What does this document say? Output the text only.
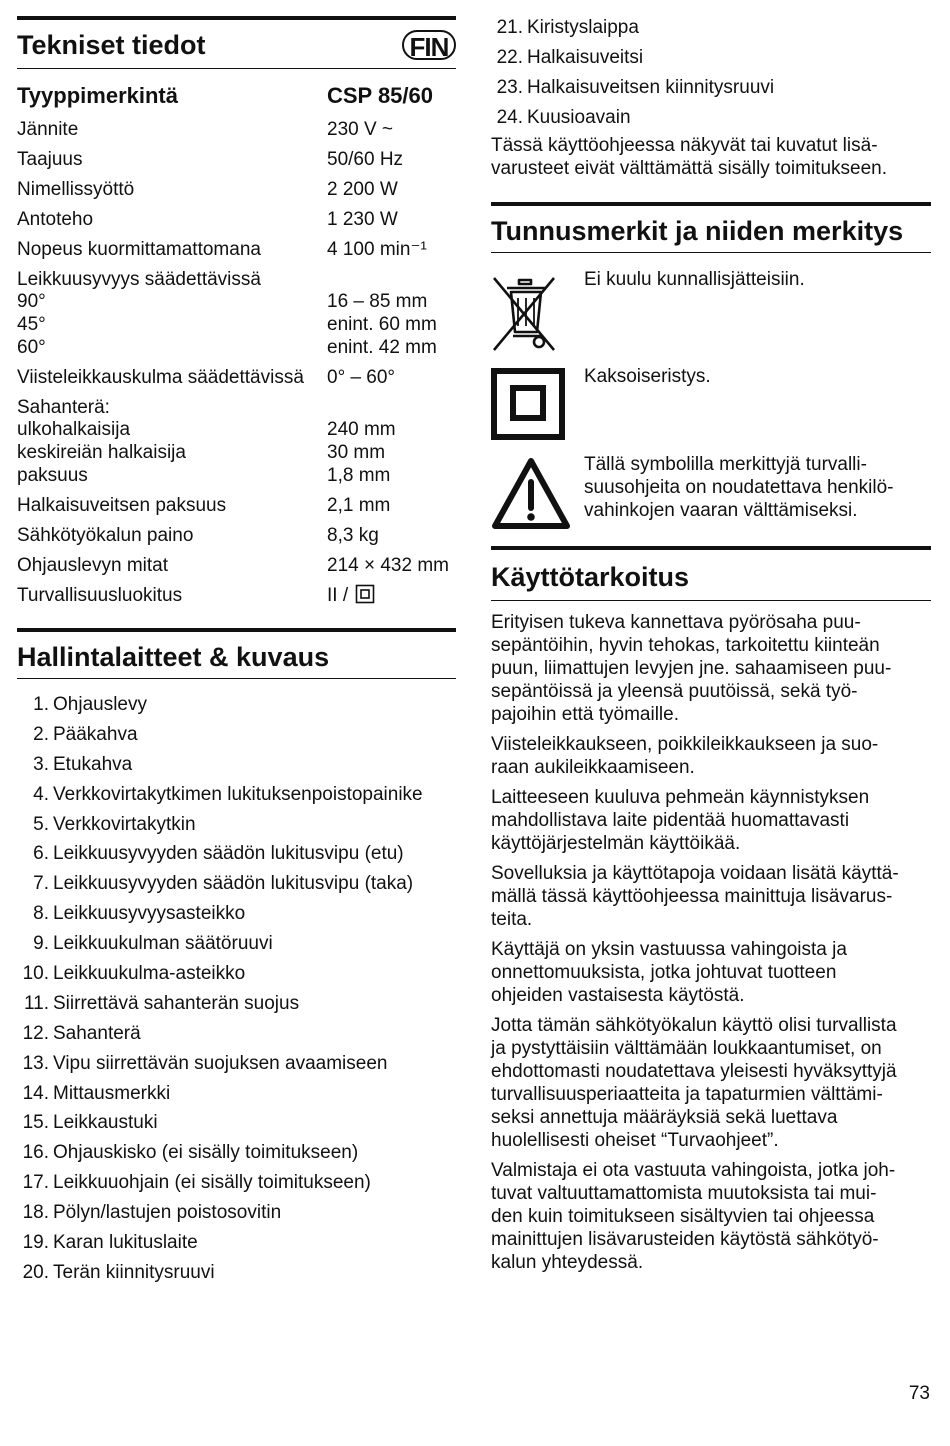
Tekniset tiedot	FIN
Tyyppimerkintä	CSP 85/60
Jännite	230 V ~
Taajuus	50/60 Hz
Nimellissyöttö	2 200 W
Antoteho	1 230 W
Nopeus kuormittamattomana	4 100 min⁻¹
Leikkuusyvyys säädettävissä
90°	16 – 85 mm
45°	enint. 60 mm
60°	enint. 42 mm
Viisteleikkauskulma säädettävissä 0° – 60°
Sahanterä:
ulkohalkaisija	240 mm
keskireiän halkaisija	30 mm
paksuus	1,8 mm
Halkaisuveitsen paksuus	2,1 mm
Sähkötyökalun paino	8,3 kg
Ohjauslevyn mitat	214 × 432 mm
Turvallisuusluokitus	II /
Hallintalaitteet & kuvaus
1. Ohjauslevy
2. Pääkahva
3. Etukahva
4. Verkkovirtakytkimen lukituksenpoistopainike
5. Verkkovirtakytkin
6. Leikkuusyvyyden säädön lukitusvipu (etu)
7. Leikkuusyvyyden säädön lukitusvipu (taka)
8. Leikkuusyvyysasteikko
9. Leikkuukulman säätöruuvi
10. Leikkuukulma-asteikko
11. Siirrettävä sahanterän suojus
12. Sahanterä
13. Vipu siirrettävän suojuksen avaamiseen
14. Mittausmerkki
15. Leikkaustuki
16. Ohjauskisko (ei sisälly toimitukseen)
17. Leikkuuohjain (ei sisälly toimitukseen)
18. Pölyn/lastujen poistosovitin
19. Karan lukituslaite
20. Terän kiinnitysruuvi
21. Kiristyslaippa
22. Halkaisuveitsi
23. Halkaisuveitsen kiinnitysruuvi
24. Kuusioavain

Tässä käyttöohjeessa näkyvät tai kuvatut lisä-

varusteet eivät välttämättä sisälly toimitukseen.

Tunnusmerkit ja niiden merkitys
Ei kuulu kunnallisjätteisiin.
Kaksoiseristys.
Tällä symbolilla merkittyjä turvalli-
suusohjeita on noudatettava henkilö-
vahinkojen vaaran välttämiseksi.
Käyttötarkoitus

Erityisen tukeva kannettava pyörösaha puu-

sepäntöihin, hyvin tehokas, tarkoitettu kiinteän

puun, liimattujen levyjen jne. sahaamiseen puu-

sepäntöissä ja yleensä puutöissä, sekä työ-

pajoihin että työmaille.

Viisteleikkaukseen, poikkileikkaukseen ja suo-

raan aukileikkaamiseen.

Laitteeseen kuuluva pehmeän käynnistyksen

mahdollistava laite pidentää huomattavasti

käyttöjärjestelmän käyttöikää.

Sovelluksia ja käyttötapoja voidaan lisätä käyttä-

mällä tässä käyttöohjeessa mainittuja lisävarus-

teita.

Käyttäjä on yksin vastuussa vahingoista ja

onnettomuuksista, jotka johtuvat tuotteen

ohjeiden vastaisesta käytöstä.

Jotta tämän sähkötyökalun käyttö olisi turvallista

ja pystyttäisiin välttämään loukkaantumiset, on

ehdottomasti noudatettava yleisesti hyväksyttyjä

turvallisuusperiaatteita ja tapaturmien välttämi-

seksi annettuja määräyksiä sekä luettava

huolellisesti oheiset “Turvaohjeet”.

Valmistaja ei ota vastuuta vahingoista, jotka joh-

tuvat valtuuttamattomista muutoksista tai mui-

den kuin toimitukseen sisältyvien tai ohjeessa

mainittujen lisävarusteiden käytöstä sähkötyö-

kalun yhteydessä.

73
